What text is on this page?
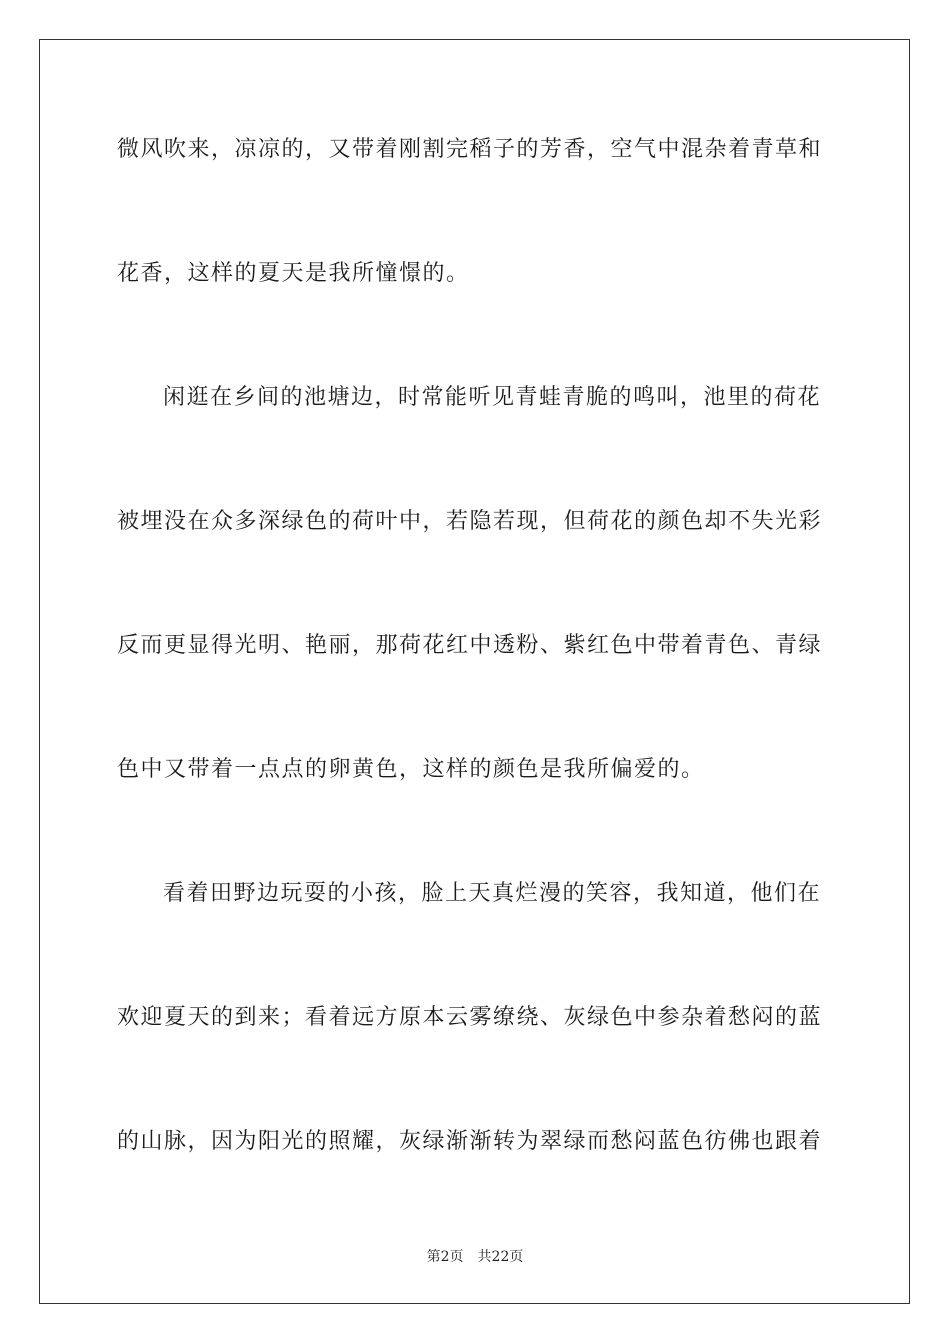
微风吹来，凉凉的，又带着刚割完稻子的芳香，空气中混杂着青草和
花香，这样的夏天是我所憧憬的。
闲逛在乡间的池塘边，时常能听见青蛙青脆的鸣叫，池里的荷花
被埋没在众多深绿色的荷叶中，若隐若现，但荷花的颜色却不失光彩
反而更显得光明、艳丽，那荷花红中透粉、紫红色中带着青色、青绿
色中又带着一点点的卵黄色，这样的颜色是我所偏爱的。
看着田野边玩耍的小孩，脸上天真烂漫的笑容，我知道，他们在
欢迎夏天的到来；看着远方原本云雾缭绕、灰绿色中参杂着愁闷的蓝
的山脉，因为阳光的照耀，灰绿渐渐转为翠绿而愁闷蓝色彷佛也跟着
第2页 共22页
